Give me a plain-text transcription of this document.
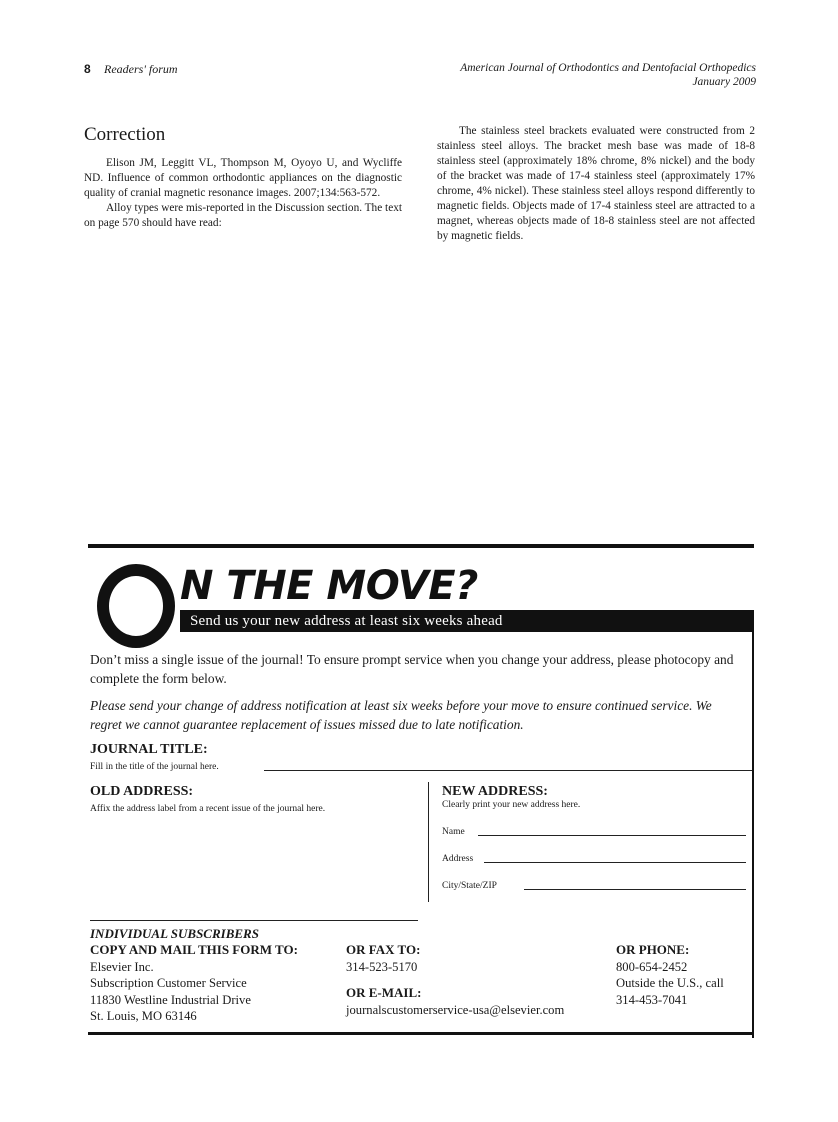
8 Readers' forum	American Journal of Orthodontics and Dentofacial Orthopedics
January 2009
Correction

Elison JM, Leggitt VL, Thompson M, Oyoyo U, and Wycliffe ND. Influence of common orthodontic appliances on the diagnostic quality of cranial magnetic resonance images. 2007;134:563-572.

Alloy types were mis-reported in the Discussion section. The text on page 570 should have read:

The stainless steel brackets evaluated were constructed from 2 stainless steel alloys. The bracket mesh base was made of 18-8 stainless steel (approximately 18% chrome, 8% nickel) and the body of the bracket was made of 17-4 stainless steel (approximately 17% chrome, 4% nickel). These stainless steel alloys respond differently to magnetic fields. Objects made of 17-4 stainless steel are attracted to a magnet, whereas objects made of 18-8 stainless steel are not affected by magnetic fields.

N THE MOVE?
Send us your new address at least six weeks ahead
Don’t miss a single issue of the journal! To ensure prompt service when you change your address, please photocopy and complete the form below.
Please send your change of address notification at least six weeks before your move to ensure continued service. We regret we cannot guarantee replacement of issues missed due to late notification.
JOURNAL TITLE:
Fill in the title of the journal here.
OLD ADDRESS:
Affix the address label from a recent issue of the journal here.
NEW ADDRESS:
Clearly print your new address here.
Name
Address
City/State/ZIP
INDIVIDUAL SUBSCRIBERS
COPY AND MAIL THIS FORM TO:
Elsevier Inc.
Subscription Customer Service
11830 Westline Industrial Drive
St. Louis, MO 63146
OR FAX TO:
314-523-5170
OR E-MAIL:
journalscustomerservice-usa@elsevier.com
OR PHONE:
800-654-2452
Outside the U.S., call
314-453-7041
